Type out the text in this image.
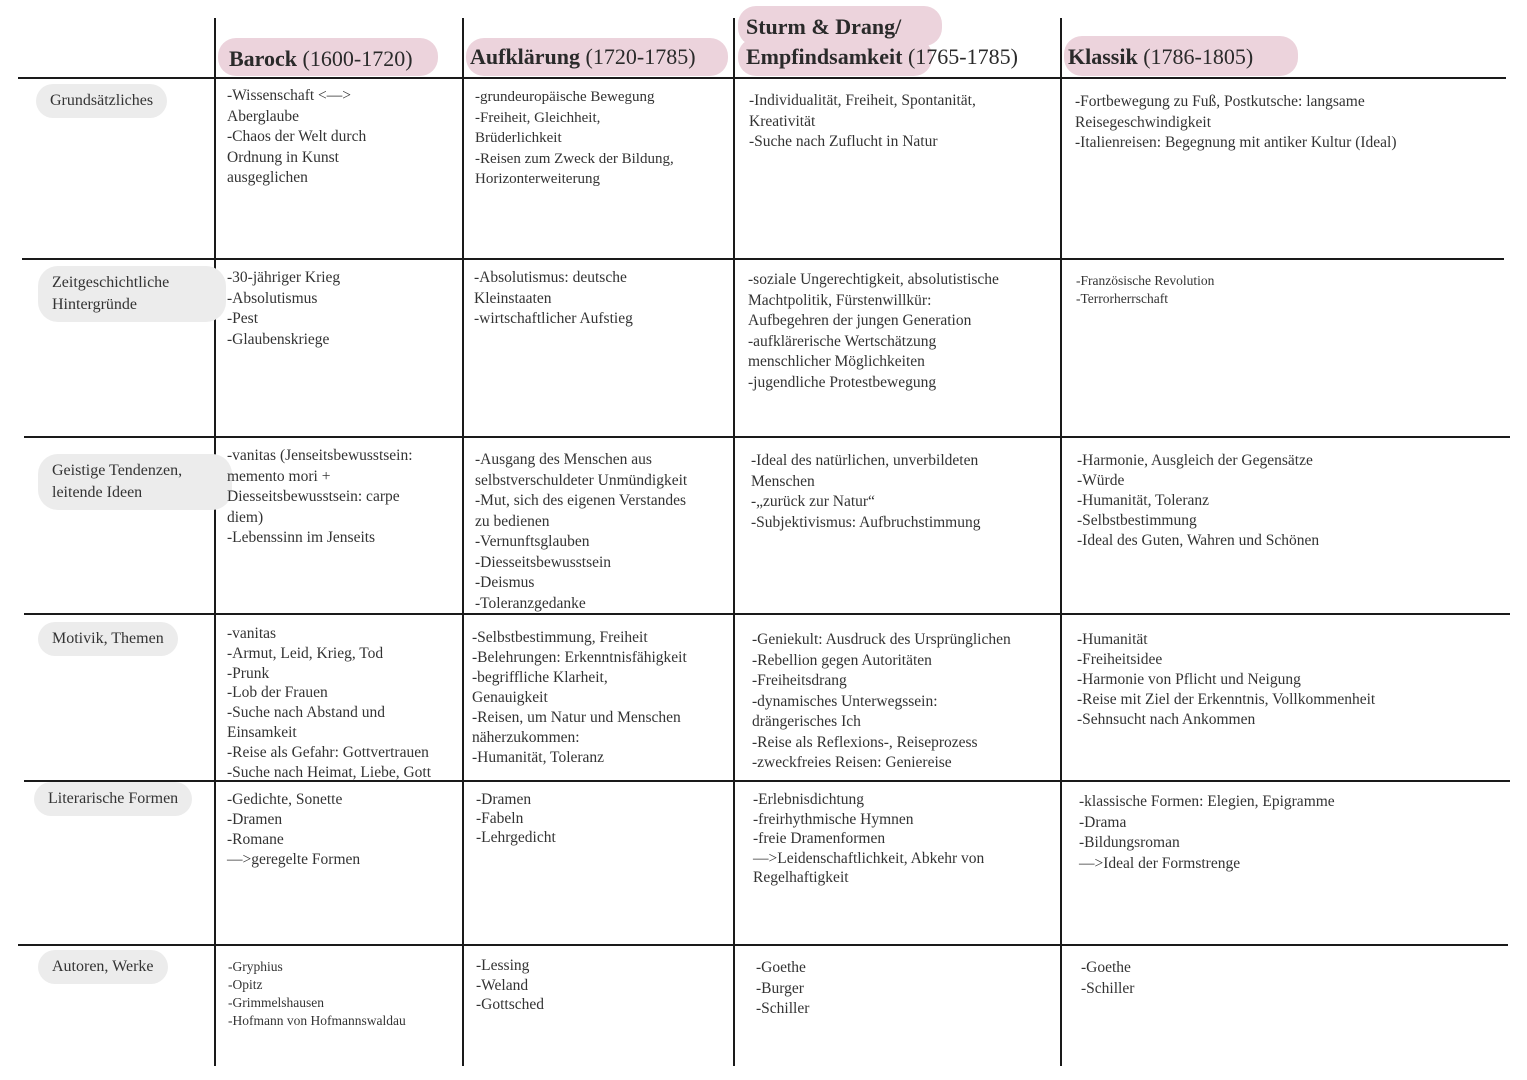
Barock (1600-1720)	Aufklärung (1720-1785)
Sturm & Drang/
Empfindsamkeit (1765-1785) Klassik (1786-1805)
Grundsätzliches
Zeitgeschichtliche
Hintergründe
Geistige Tendenzen,
leitende Ideen
Motivik, Themen
Literarische Formen
Autoren, Werke
-Wissenschaft <—>
Aberglaube
-Chaos der Welt durch
Ordnung in Kunst
ausgeglichen
-grundeuropäische Bewegung
-Freiheit, Gleichheit,
Brüderlichkeit
-Reisen zum Zweck der Bildung,
Horizonterweiterung
-Individualität, Freiheit, Spontanität,
Kreativität
-Suche nach Zuflucht in Natur
-Fortbewegung zu Fuß, Postkutsche: langsame
Reisegeschwindigkeit
-Italienreisen: Begegnung mit antiker Kultur (Ideal)
-30-jähriger Krieg
-Absolutismus
-Pest
-Glaubenskriege
-Absolutismus: deutsche
Kleinstaaten
-wirtschaftlicher Aufstieg
-soziale Ungerechtigkeit, absolutistische
Machtpolitik, Fürstenwillkür:
Aufbegehren der jungen Generation
-aufklärerische Wertschätzung
menschlicher Möglichkeiten
-jugendliche Protestbewegung
-Französische Revolution
-Terrorherrschaft
-vanitas (Jenseitsbewusstsein:
memento mori +
Diesseitsbewusstsein: carpe
diem)
-Lebenssinn im Jenseits
-Ausgang des Menschen aus
selbstverschuldeter Unmündigkeit
-Mut, sich des eigenen Verstandes
zu bedienen
-Vernunftsglauben
-Diesseitsbewusstsein
-Deismus
-Toleranzgedanke
-Ideal des natürlichen, unverbildeten
Menschen
-„zurück zur Natur“
-Subjektivismus: Aufbruchstimmung
-Harmonie, Ausgleich der Gegensätze
-Würde
-Humanität, Toleranz
-Selbstbestimmung
-Ideal des Guten, Wahren und Schönen
-vanitas
-Armut, Leid, Krieg, Tod
-Prunk
-Lob der Frauen
-Suche nach Abstand und
Einsamkeit
-Reise als Gefahr: Gottvertrauen
-Suche nach Heimat, Liebe, Gott
-Selbstbestimmung, Freiheit
-Belehrungen: Erkenntnisfähigkeit
-begriffliche Klarheit,
Genauigkeit
-Reisen, um Natur und Menschen
näherzukommen:
-Humanität, Toleranz
-Geniekult: Ausdruck des Ursprünglichen
-Rebellion gegen Autoritäten
-Freiheitsdrang
-dynamisches Unterwegssein:
drängerisches Ich
-Reise als Reflexions-, Reiseprozess
-zweckfreies Reisen: Geniereise
-Humanität
-Freiheitsidee
-Harmonie von Pflicht und Neigung
-Reise mit Ziel der Erkenntnis, Vollkommenheit
-Sehnsucht nach Ankommen
-Gedichte, Sonette
-Dramen
-Romane
—>geregelte Formen
-Dramen
-Fabeln
-Lehrgedicht
-Erlebnisdichtung
-freirhythmische Hymnen
-freie Dramenformen
—>Leidenschaftlichkeit, Abkehr von
Regelhaftigkeit
-klassische Formen: Elegien, Epigramme
-Drama
-Bildungsroman
—>Ideal der Formstrenge
-Gryphius
-Opitz
-Grimmelshausen
-Hofmann von Hofmannswaldau
-Lessing
-Weland
-Gottsched
-Goethe
-Burger
-Schiller
-Goethe
-Schiller
